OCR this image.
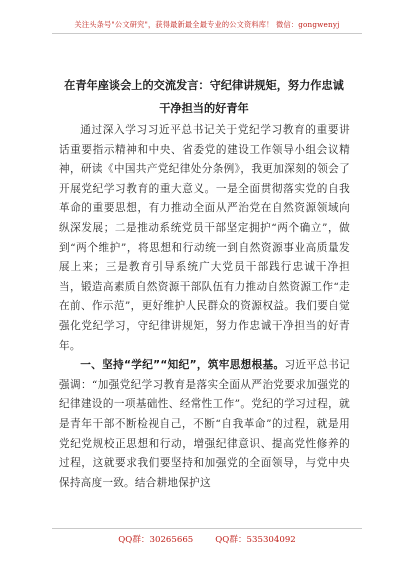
关注头条号"公文研究"，获得最新最全最专业的公文资料库！ 微信：gongwenyj
在青年座谈会上的交流发言：守纪律讲规矩，努力作忠诚
干净担当的好青年

通过深入学习习近平总书记关于党纪学习教育的重要讲话重要指示精神和中央、省委党的建设工作领导小组会议精神，研读《中国共产党纪律处分条例》，我更加深刻的领会了开展党纪学习教育的重大意义。一是全面贯彻落实党的自我革命的重要思想，有力推动全面从严治党在自然资源领域向纵深发展；二是推动系统党员干部坚定拥护“两个确立”，做到“两个维护”，将思想和行动统一到自然资源事业高质量发展上来；三是教育引导系统广大党员干部践行忠诚干净担当，锻造高素质自然资源干部队伍有力推动自然资源工作“走在前、作示范”，更好维护人民群众的资源权益。我们要自觉强化党纪学习，守纪律讲规矩，努力作忠诚干净担当的好青年。

一、坚持“学纪”“知纪”，筑牢思想根基。习近平总书记强调：“加强党纪学习教育是落实全面从严治党要求加强党的纪律建设的一项基础性、经常性工作”。党纪的学习过程，就是青年干部不断检视自己，不断“自我革命”的过程，就是用党纪党规校正思想和行动，增强纪律意识、提高党性修养的过程，这就要求我们要坚持和加强党的全面领导，与党中央保持高度一致。结合耕地保护这

QQ群：30265665	QQ群：535304092
